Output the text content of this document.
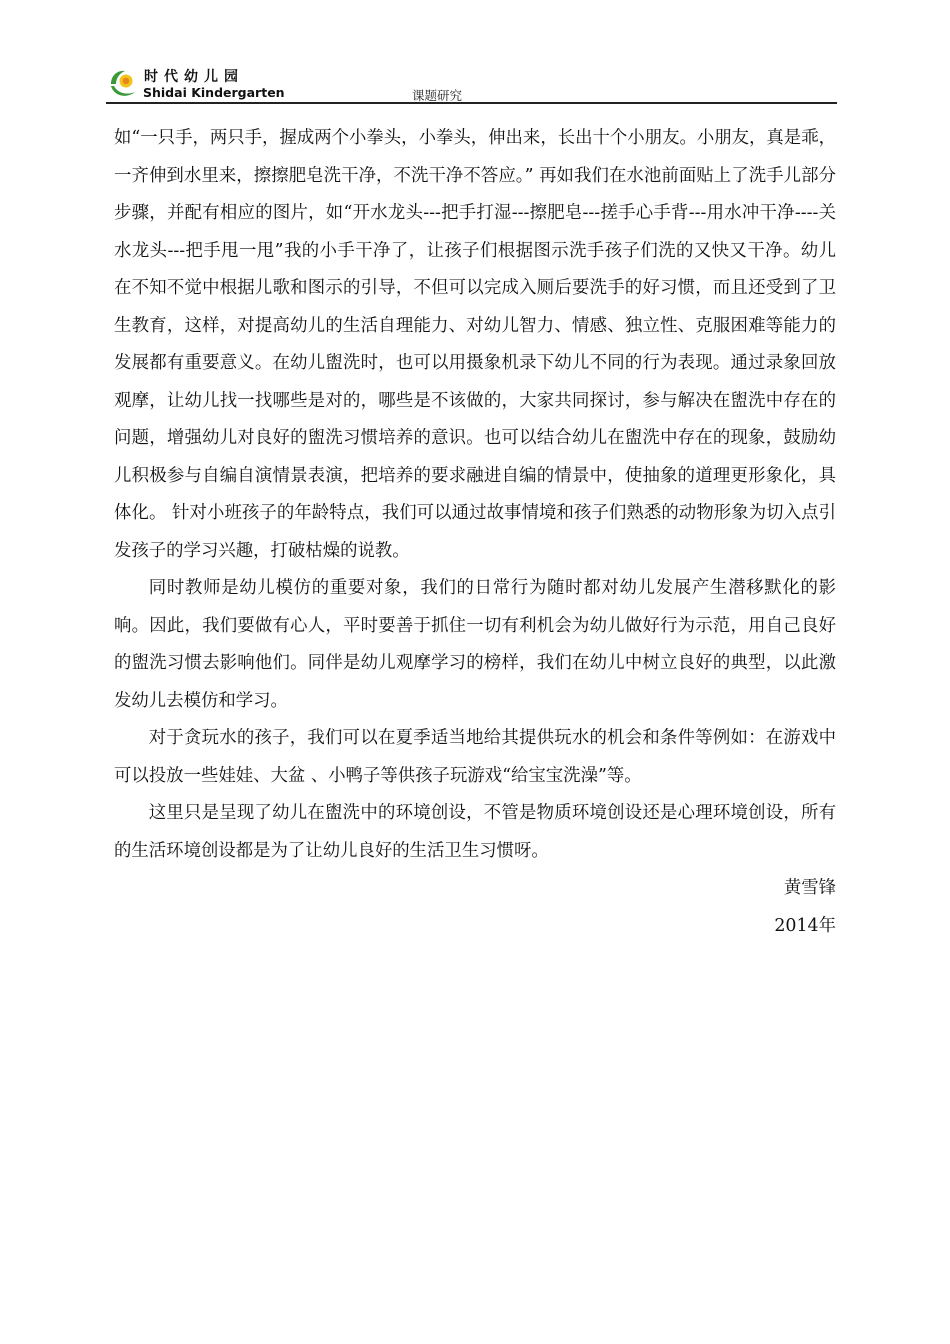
时代幼儿园
Shidai Kindergarten	课题研究

如“一只手，两只手，握成两个小拳头，小拳头，伸出来，长出十个小朋友。小朋友，真是乖，一齐伸到水里来，擦擦肥皂洗干净，不洗干净不答应。” 再如我们在水池前面贴上了洗手儿部分步骤，并配有相应的图片，如“开水龙头---把手打湿---擦肥皂---搓手心手背---用水冲干净----关水龙头---把手甩一甩”我的小手干净了，让孩子们根据图示洗手孩子们洗的又快又干净。幼儿在不知不觉中根据儿歌和图示的引导，不但可以完成入厕后要洗手的好习惯，而且还受到了卫生教育，这样，对提高幼儿的生活自理能力、对幼儿智力、情感、独立性、克服困难等能力的发展都有重要意义。在幼儿盥洗时，也可以用摄象机录下幼儿不同的行为表现。通过录象回放观摩，让幼儿找一找哪些是对的，哪些是不该做的，大家共同探讨，参与解决在盥洗中存在的问题，增强幼儿对良好的盥洗习惯培养的意识。也可以结合幼儿在盥洗中存在的现象，鼓励幼儿积极参与自编自演情景表演，把培养的要求融进自编的情景中，使抽象的道理更形象化，具体化。 针对小班孩子的年龄特点，我们可以通过故事情境和孩子们熟悉的动物形象为切入点引发孩子的学习兴趣，打破枯燥的说教。

同时教师是幼儿模仿的重要对象，我们的日常行为随时都对幼儿发展产生潜移默化的影响。因此，我们要做有心人，平时要善于抓住一切有利机会为幼儿做好行为示范，用自己良好的盥洗习惯去影响他们。同伴是幼儿观摩学习的榜样，我们在幼儿中树立良好的典型，以此激发幼儿去模仿和学习。

对于贪玩水的孩子，我们可以在夏季适当地给其提供玩水的机会和条件等例如：在游戏中可以投放一些娃娃、大盆 、小鸭子等供孩子玩游戏“给宝宝洗澡”等。

这里只是呈现了幼儿在盥洗中的环境创设，不管是物质环境创设还是心理环境创设，所有的生活环境创设都是为了让幼儿良好的生活卫生习惯呀。

黄雪锋

2014年
